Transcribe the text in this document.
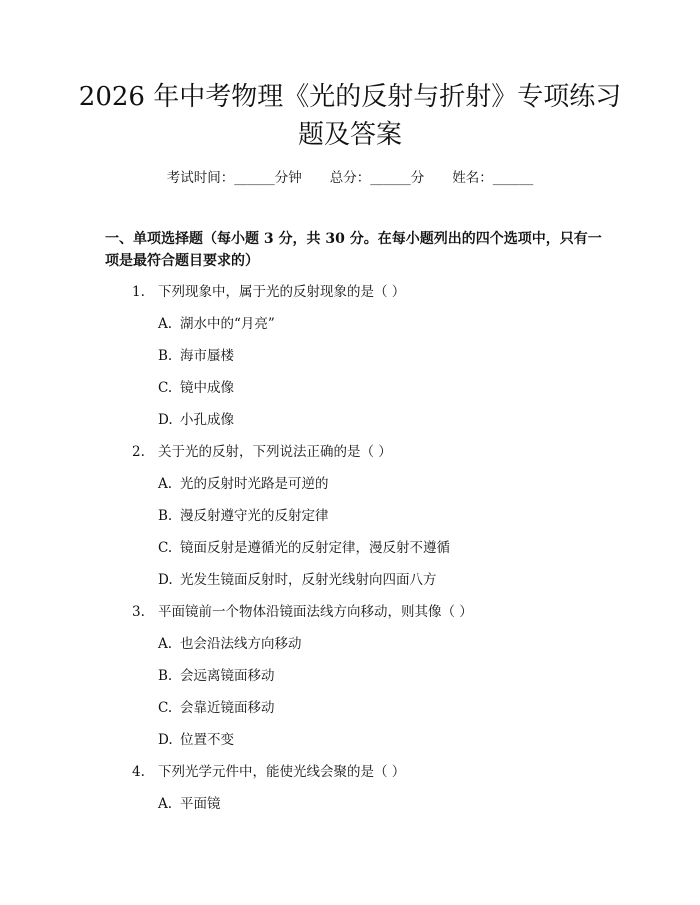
2026 年中考物理《光的反射与折射》专项练习题及答案
考试时间：______分钟 总分：______分 姓名：______

一、单项选择题（每小题 3 分，共 30 分。在每小题列出的四个选项中，只有一项是最符合题目要求的）

1. 下列现象中，属于光的反射现象的是（ ）
A. 湖水中的“月亮”
B. 海市蜃楼
C. 镜中成像
D. 小孔成像
2. 关于光的反射，下列说法正确的是（ ）
A. 光的反射时光路是可逆的
B. 漫反射遵守光的反射定律
C. 镜面反射是遵循光的反射定律，漫反射不遵循
D. 光发生镜面反射时，反射光线射向四面八方
3. 平面镜前一个物体沿镜面法线方向移动，则其像（ ）
A. 也会沿法线方向移动
B. 会远离镜面移动
C. 会靠近镜面移动
D. 位置不变
4. 下列光学元件中，能使光线会聚的是（ ）
A. 平面镜
